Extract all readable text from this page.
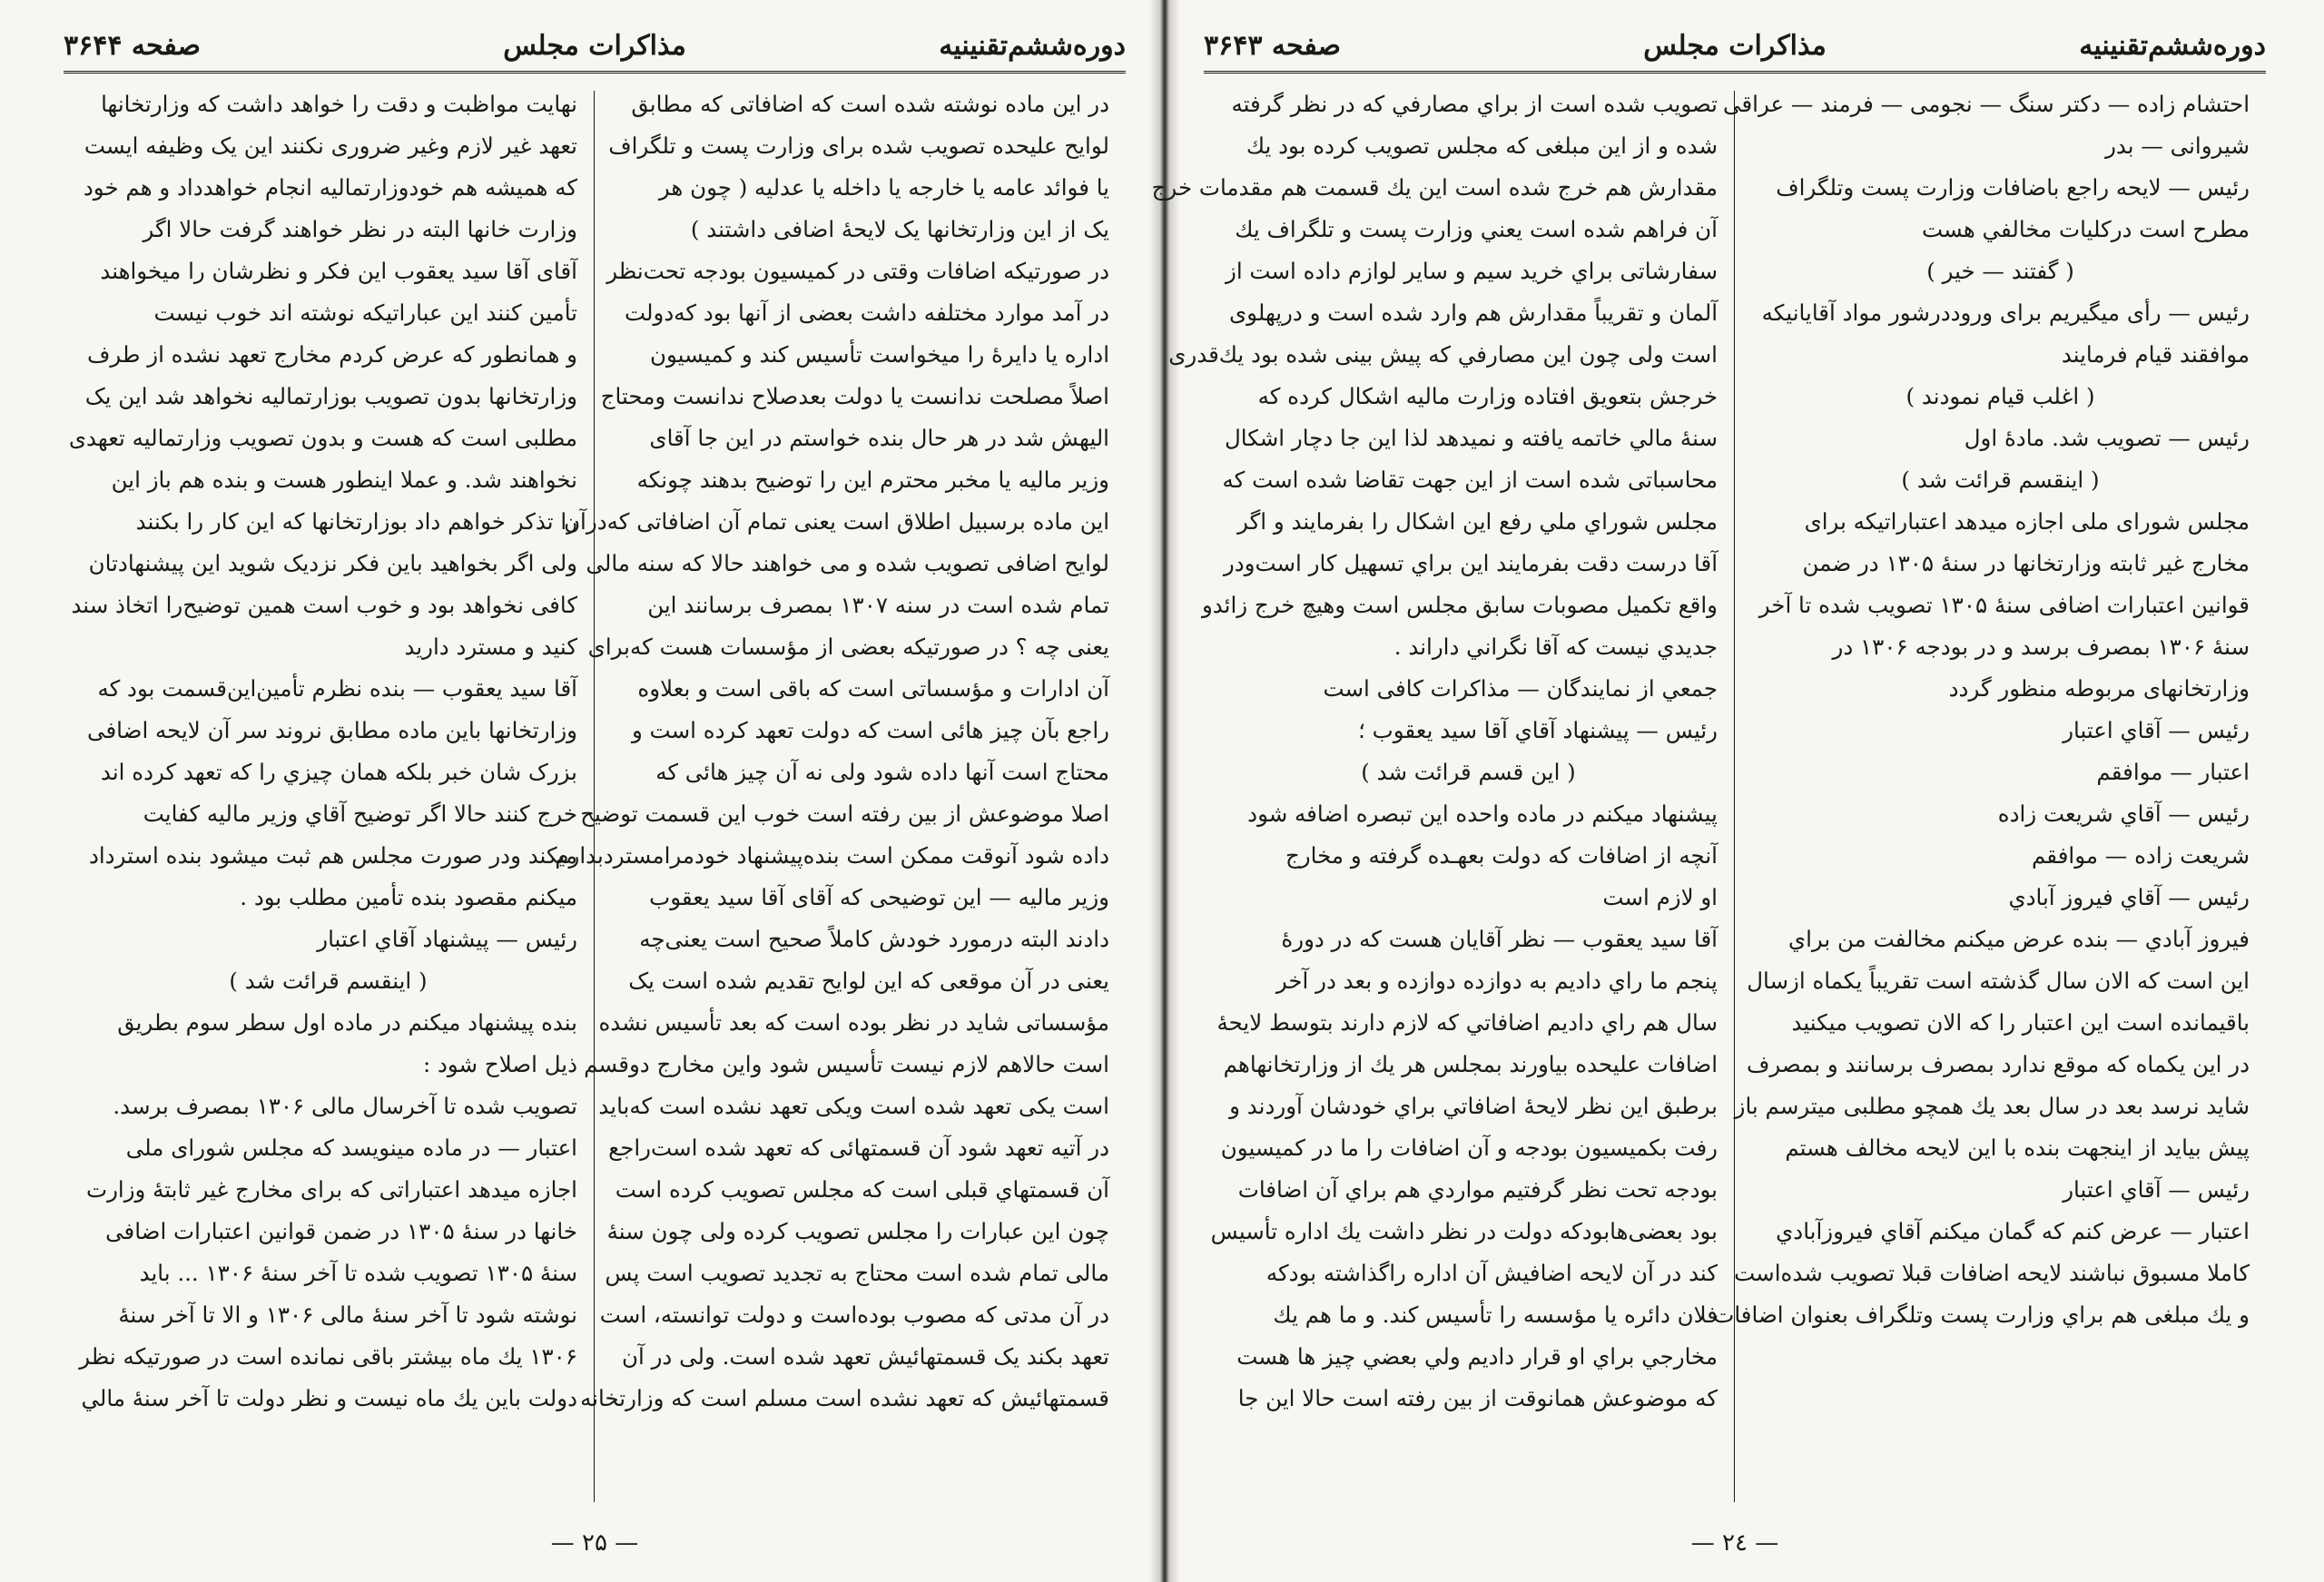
دوره‌ششم‌تقنینیه
مذاکرات مجلس
صفحه ۳۶۴۴
در این ماده نوشته شده است که اضافاتی که مطابق
لوایح علیحده تصویب شده برای وزارت پست و تلگراف
یا فوائد عامه یا خارجه یا داخله یا عدلیه ( چون هر
یک از این وزارتخانها یک لایحهٔ اضافی داشتند )
در صورتیکه اضافات وقتی در کمیسیون بودجه تحت‌نظر
در آمد موارد مختلفه داشت بعضی از آنها بود که‌دولت
اداره یا دایرهٔ را میخواست تأسیس کند و کمیسیون
اصلاً مصلحت ندانست یا دولت بعد‌صلاح ندانست و‌محتاج
الیهش شد در هر حال بنده خواستم در این جا آقای
وزیر مالیه یا مخبر محترم این را توضیح بدهند چونکه
این ماده بر‌سبیل اطلاق است یعنی تمام آن اضافاتی که‌در‌آن
لوایح اضافی تصویب شده و می خواهند حالا که سنه مالی
تمام شده است در سنه ۱۳۰۷ بمصرف برسانند این
یعنی چه ؟ در صورتیکه بعضی از مؤسسات هست که‌برای
آن ادارات و مؤسساتی است که باقی است و بعلاوه
راجع بآن چیز هائی است که دولت تعهد کرده است و
محتاج است آنها داده شود ولی نه آن چیز هائی که
اصلا موضوعش از بین رفته است خوب این قسمت توضیح
داده شود آنوقت ممکن است بنده‌پیشنهاد خود‌مرا‌مسترد‌بدارم
وزیر مالیه — این توضیحی که آقای آقا سید یعقوب
دادند البته درمورد خودش کاملاً صحیح است یعنی‌چه
یعنی در آن موقعی که این لوایح تقدیم شده است یک
مؤسساتی شاید در نظر بوده است که بعد تأسیس نشده
است حالاهم لازم نیست تأسیس شود واین مخارج دوقسم
است یکی تعهد شده است ویکی تعهد نشده است که‌باید
در آتیه تعهد شود آن قسمتهائی که تعهد شده است‌راجع
آن قسمتهاي قبلی است که مجلس تصویب کرده است
چون این عبارات را مجلس تصویب کرده ولی چون سنهٔ
مالی تمام شده است محتاج به تجدید تصویب است پس
در آن مدتی که مصوب بوده‌است و دولت توانسته، است
تعهد بکند یک قسمتهائیش تعهد شده است. ولی در آن
قسمتهائیش که تعهد نشده است مسلم است که وزارتخانه
نهایت مواظبت و دقت را خواهد داشت که وزارتخانها
تعهد غیر لازم وغیر ضروری نکنند این یک وظیفه ایست
که همیشه هم خودوزارتمالیه انجام خواهدداد و هم خود
وزارت خانها البته در نظر خواهند گرفت حالا اگر
آقای آقا سید یعقوب این فکر و نظرشان را میخواهند
تأمین کنند این عباراتیکه نوشته اند خوب نیست
و همانطور که عرض کردم مخارج تعهد نشده از طرف
وزارتخانها بدون تصویب بوزارتمالیه نخواهد شد این یک
مطلبی است که هست و بدون تصویب وزارتمالیه تعهدی
نخواهند شد. و عملا اینطور هست و بنده هم باز این
را تذکر خواهم داد بوزارتخانها که این کار را بکنند
ولی اگر بخواهید باین فکر نزدیک شوید این پیشنهاد‌تان
کافی نخواهد بود و خوب است همین توضیح‌را اتخاذ سند
کنید و مسترد دارید
آقا سید یعقوب — بنده نظرم تأمین‌این‌قسمت بود که
وزارتخانها باین ماده مطابق نروند سر آن لایحه اضافی
بزرک شان خبر بلکه همان چیزي را که تعهد کرده اند
خرج کنند حالا اگر توضیح آقاي وزیر مالیه کفایت
میکند ودر صورت مجلس هم ثبت میشود بنده استرداد
میکنم مقصود بنده تأمین مطلب بود .
رئیس — پیشنهاد آقاي اعتبار
( اینقسم قرائت شد )
بنده پیشنهاد میکنم در ماده اول سطر سوم بطریق
ذیل اصلاح شود :
تصویب شده تا آخرسال مالی ۱۳۰۶ بمصرف برسد.
اعتبار — در ماده مینویسد که مجلس شورای ملی
اجازه میدهد اعتباراتی که برای مخارج غیر ثابتهٔ وزارت
خانها در سنهٔ ۱۳۰۵ در ضمن قوانین اعتبارات اضافی
سنهٔ ۱۳۰۵ تصویب شده تا آخر سنهٔ ۱۳۰۶ ... باید
نوشته شود تا آخر سنهٔ مالی ۱۳۰۶ و الا تا آخر سنهٔ
۱۳۰۶ یك ماه بیشتر باقی نمانده است در صورتیکه نظر
دولت باین یك ماه نیست و نظر دولت تا آخر سنهٔ مالي
— ۲۵ —
دوره‌ششم‌تقنینیه
مذاکرات مجلس
صفحه ۳۶۴۳
احتشام زاده — دکتر سنگ — نجومی — فرمند — عراقی
شیروانی — بدر
رئیس — لایحه راجع باضافات وزارت پست وتلگراف
مطرح است درکلیات مخالفي هست
( گفتند — خیر )
رئیس — رأی میگیریم برای ورود‌در‌شور مواد آقایانیکه
موافقند قیام فرمایند
( اغلب قیام نمودند )
رئیس — تصویب شد. مادهٔ اول
( اینقسم قرائت شد )
مجلس شورای ملی اجازه میدهد اعتباراتیکه برای
مخارج غیر ثابته وزارتخانها در سنهٔ ۱۳۰۵ در ضمن
قوانین اعتبارات اضافی سنهٔ ۱۳۰۵ تصویب شده تا آخر
سنهٔ ۱۳۰۶ بمصرف برسد و در بودجه ۱۳۰۶ در
وزارتخانهای مربوطه منظور گردد
رئیس — آقاي اعتبار
اعتبار — موافقم
رئیس — آقاي شریعت زاده
شریعت زاده — موافقم
رئیس — آقاي فیروز آبادي
فیروز آبادي — بنده عرض میکنم مخالفت من براي
این است که الان سال گذشته است تقریباً یکماه ازسال
باقیمانده است این اعتبار را که الان تصویب میکنید
در این یکماه که موقع ندارد بمصرف برسانند و بمصرف
شاید نرسد بعد در سال بعد یك همچو مطلبی میترسم باز
پیش بیاید از اینجهت بنده با این لایحه مخالف هستم
رئیس — آقاي اعتبار
اعتبار — عرض کنم که گمان میکنم آقاي فیروزآبادي
کاملا مسبوق نباشند لایحه اضافات قبلا تصویب شده‌است
و یك مبلغی هم براي وزارت پست وتلگراف بعنوان اضافات
تصویب شده است از براي مصارفي که در نظر گرفته
شده و از این مبلغی که مجلس تصویب کرده بود یك
مقدارش هم خرج شده است این یك قسمت هم مقدمات خرج
آن فراهم شده است یعني وزارت پست و تلگراف یك
سفارشاتی براي خرید سیم و سایر لوازم داده است از
آلمان و تقریباً مقدارش هم وارد شده است و درپهلوی
است ولی چون این مصارفي که پیش بینی شده بود یك‌قدری
خرجش بتعویق افتاده وزارت مالیه اشکال کرده که
سنهٔ مالي خاتمه یافته و نمیدهد لذا این جا دچار اشکال
محاسباتی شده است از این جهت تقاضا شده است که
مجلس شوراي ملي رفع این اشکال را بفرمایند و اگر
آقا درست دقت بفرمایند این براي تسهیل کار است‌ودر
واقع تکمیل مصوبات سابق مجلس است وهیچ خرج زائدو
جدیدي نیست که آقا نگراني داراند .
جمعي از نمایندگان — مذاکرات کافی است
رئیس — پیشنهاد آقاي آقا سید یعقوب ؛
( این قسم قرائت شد )
پیشنهاد میکنم در ماده واحده این تبصره اضافه شود
آنچه از اضافات که دولت بعهـده گرفته و مخارج
او لازم است
آقا سید یعقوب — نظر آقایان هست که در دورهٔ
پنجم ما راي دادیم به دوازده دوازده و بعد در آخر
سال هم راي دادیم اضافاتي که لازم دارند بتوسط لایحهٔ
اضافات علیحده بیاورند بمجلس هر یك از وزارتخانهاهم
برطبق این نظر لایحهٔ اضافاتي براي خودشان آوردند و
رفت بکمیسیون بودجه و آن اضافات را ما در کمیسیون
بودجه تحت نظر گرفتیم مواردي هم براي آن اضافات
بود بعضی‌هابودکه دولت در نظر داشت یك اداره تأسیس
کند در آن لایحه اضافیش آن اداره را‌گذاشته بودکه
فلان دائره یا مؤسسه را تأسیس کند. و ما هم یك
مخارجي براي او قرار دادیم ولي بعضي چیز ها هست
که موضوعش همانوقت از بین رفته است حالا این جا
— ۲٤ —
